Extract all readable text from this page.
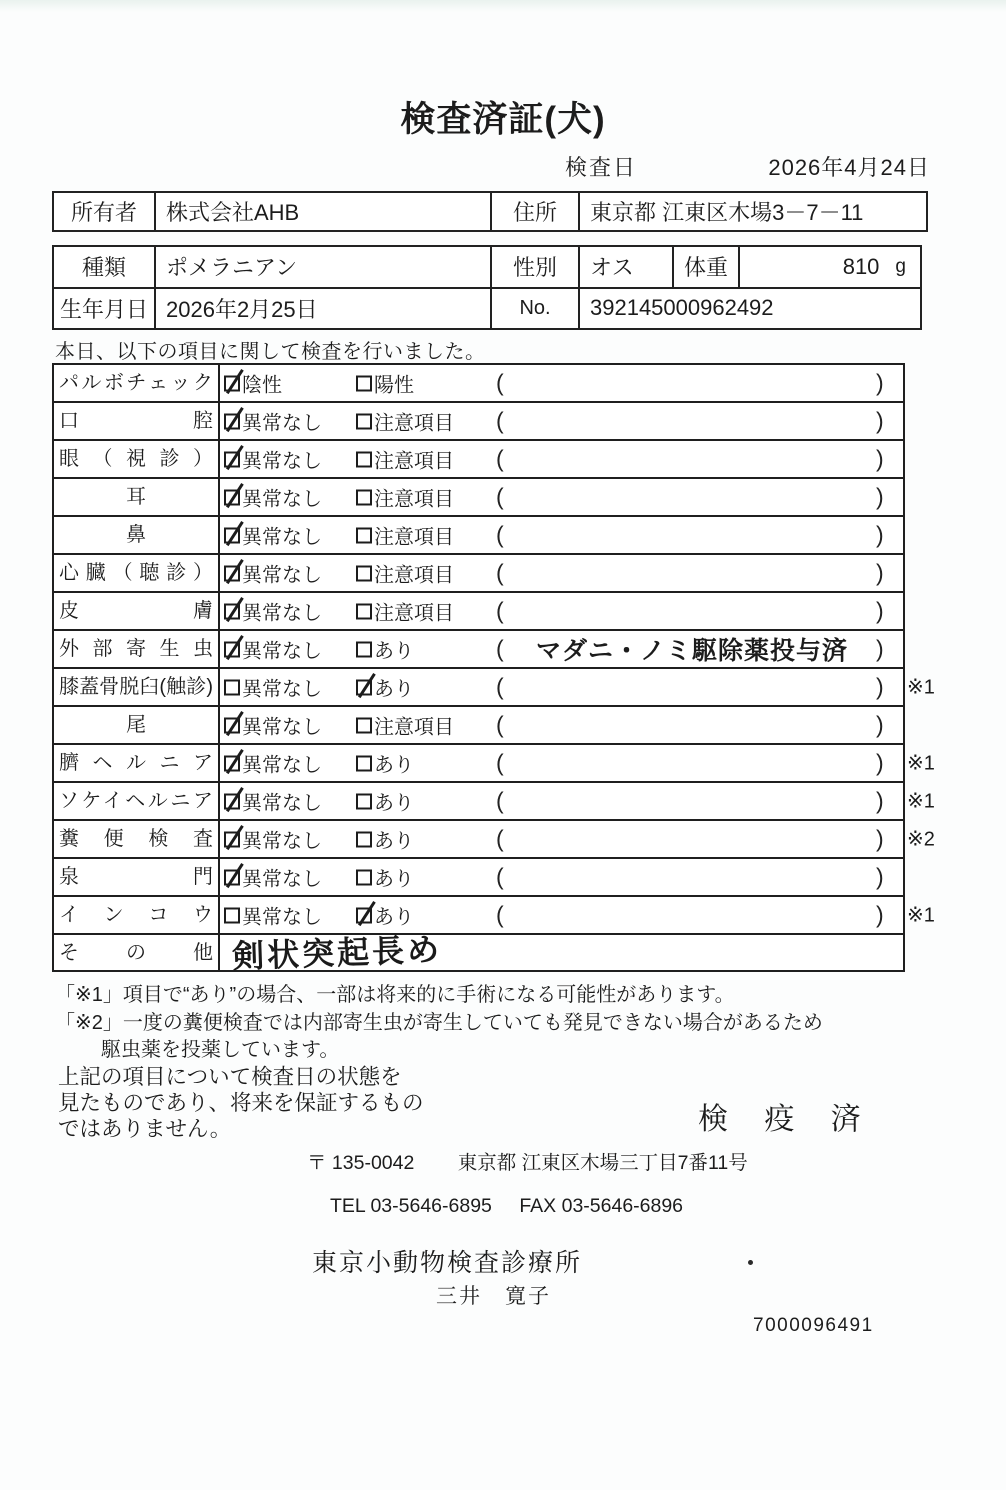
検査済証(犬)
検査日	2026年4月24日
所有者	株式会社AHB	住所	東京都 江東区木場3－7－11
種類	ポメラニアン	性別	オス	体重	810 g
生年月日 2026年2月25日	No.	392145000962492
本日、以下の項目に関して検査を行いました。
パルボチェック	陰性	陽性	(	)
口腔	異常なし	注意項目 (	)
眼（視診）	異常なし	注意項目 (	)
耳	異常なし	注意項目 (	)
鼻	異常なし	注意項目 (	)
心臓（聴診）	異常なし	注意項目 (	)
皮膚	異常なし	注意項目 (	)
外部寄生虫	異常なし	あり	(	マダニ・ノミ駆除薬投与済	)
膝蓋骨脱臼(触診)	異常なし	あり	(	) ※1
尾	異常なし	注意項目 (	)
臍ヘルニア	異常なし	あり	(	) ※1
ソケイヘルニア	異常なし	あり	(	) ※1
糞便検査	異常なし	あり	(	) ※2
泉門	異常なし	あり	(	)
インコウ	異常なし	あり	(	) ※1
その他 剣状突起長め
「※1」項目で“あり”の場合、一部は将来的に手術になる可能性があります。
「※2」一度の糞便検査では内部寄生虫が寄生していても発見できない場合があるため
駆虫薬を投薬しています。
上記の項目について検査日の状態を
見たものであり、将来を保証するもの
ではありません。	検 疫 済
〒 135-0042 東京都 江東区木場三丁目7番11号
TEL 03-5646-6895 FAX 03-5646-6896
東京小動物検査診療所
三井　寛子
7000096491
